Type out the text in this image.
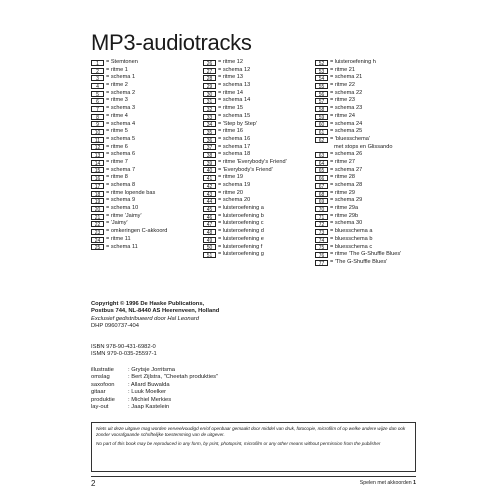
MP3-audiotracks
1	= Stemtonen
2	= ritme 1
3	= schema 1
4	= ritme 2
5	= schema 2
6	= ritme 3
7	= schema 3
8	= ritme 4
9	= schema 4
10	= ritme 5
11	= schema 5
12	= ritme 6
13	= schema 6
14	= ritme 7
15	= schema 7
16	= ritme 8
17	= schema 8
18	= ritme lopende bas
19	= schema 9
20	= schema 10
21	= ritme 'Jaimy'
22	= 'Jaimy'
23	= omkeringen C-akkoord
24	= ritme 11
25	= schema 11
26	= ritme 12
27	= schema 12
28	= ritme 13
29	= schema 13
30	= ritme 14
31	= schema 14
32	= ritme 15
33	= schema 15
34	= 'Step by Step'
35	= ritme 16
36	= schema 16
37	= schema 17
38	= schema 18
39	= ritme 'Everybody's Friend'
40	= 'Everybody's Friend'
41	= ritme 19
42	= schema 19
43	= ritme 20
44	= schema 20
45	= luisteroefening a
46	= luisteroefening b
47	= luisteroefening c
48	= luisteroefening d
49	= luisteroefening e
50	= luisteroefening f
51	= luisteroefening g
52	= luisteroefening h
53	= ritme 21
54	= schema 21
55	= ritme 22
56	= schema 22
57	= ritme 23
58	= schema 23
59	= ritme 24
60	= schema 24
61	= schema 25
62	= 'bluesschema'
met stops en Glissando
63	= schema 26
64	= ritme 27
65	= schema 27
66	= ritme 28
67	= schema 28
68	= ritme 29
69	= schema 29
70	= ritme 29a
71	= ritme 29b
72	= schema 30
73	= bluesschema a
74	= bluesschema b
75	= bluesschema c
76	= ritme 'The G-Shuffle Blues'
77	= 'The G-Shuffle Blues'
Copyright © 1996 De Haske Publications,
Postbus 744, NL-8440 AS Heerenveen, Holland
Exclusief gedistribueerd door Hal Leonard
DHP 0960737-404
ISBN 978-90-431-6982-0
ISMN 979-0-035-25597-1
illustratie	: Grytsje Jorritsma
omslag	: Bert Zijlstra, "Cheetah produkties"
saxofoon	: Allard Buwalda
gitaar	: Luuk Moelker
produktie	: Michiel Merkies
lay-out	: Jaap Kastelein

Niets uit deze uitgave mag worden verveelvoudigd en/of openbaar gemaakt door middel van druk, fotocopie, microfilm of op welke andere wijze dan ook zonder voorafgaande schriftelijke toestemming van de uitgever.

No part of this book may be reproduced in any form, by print, photoprint, microfilm or any other means without permission from the publisher

2	Spelen met akkoorden 1
